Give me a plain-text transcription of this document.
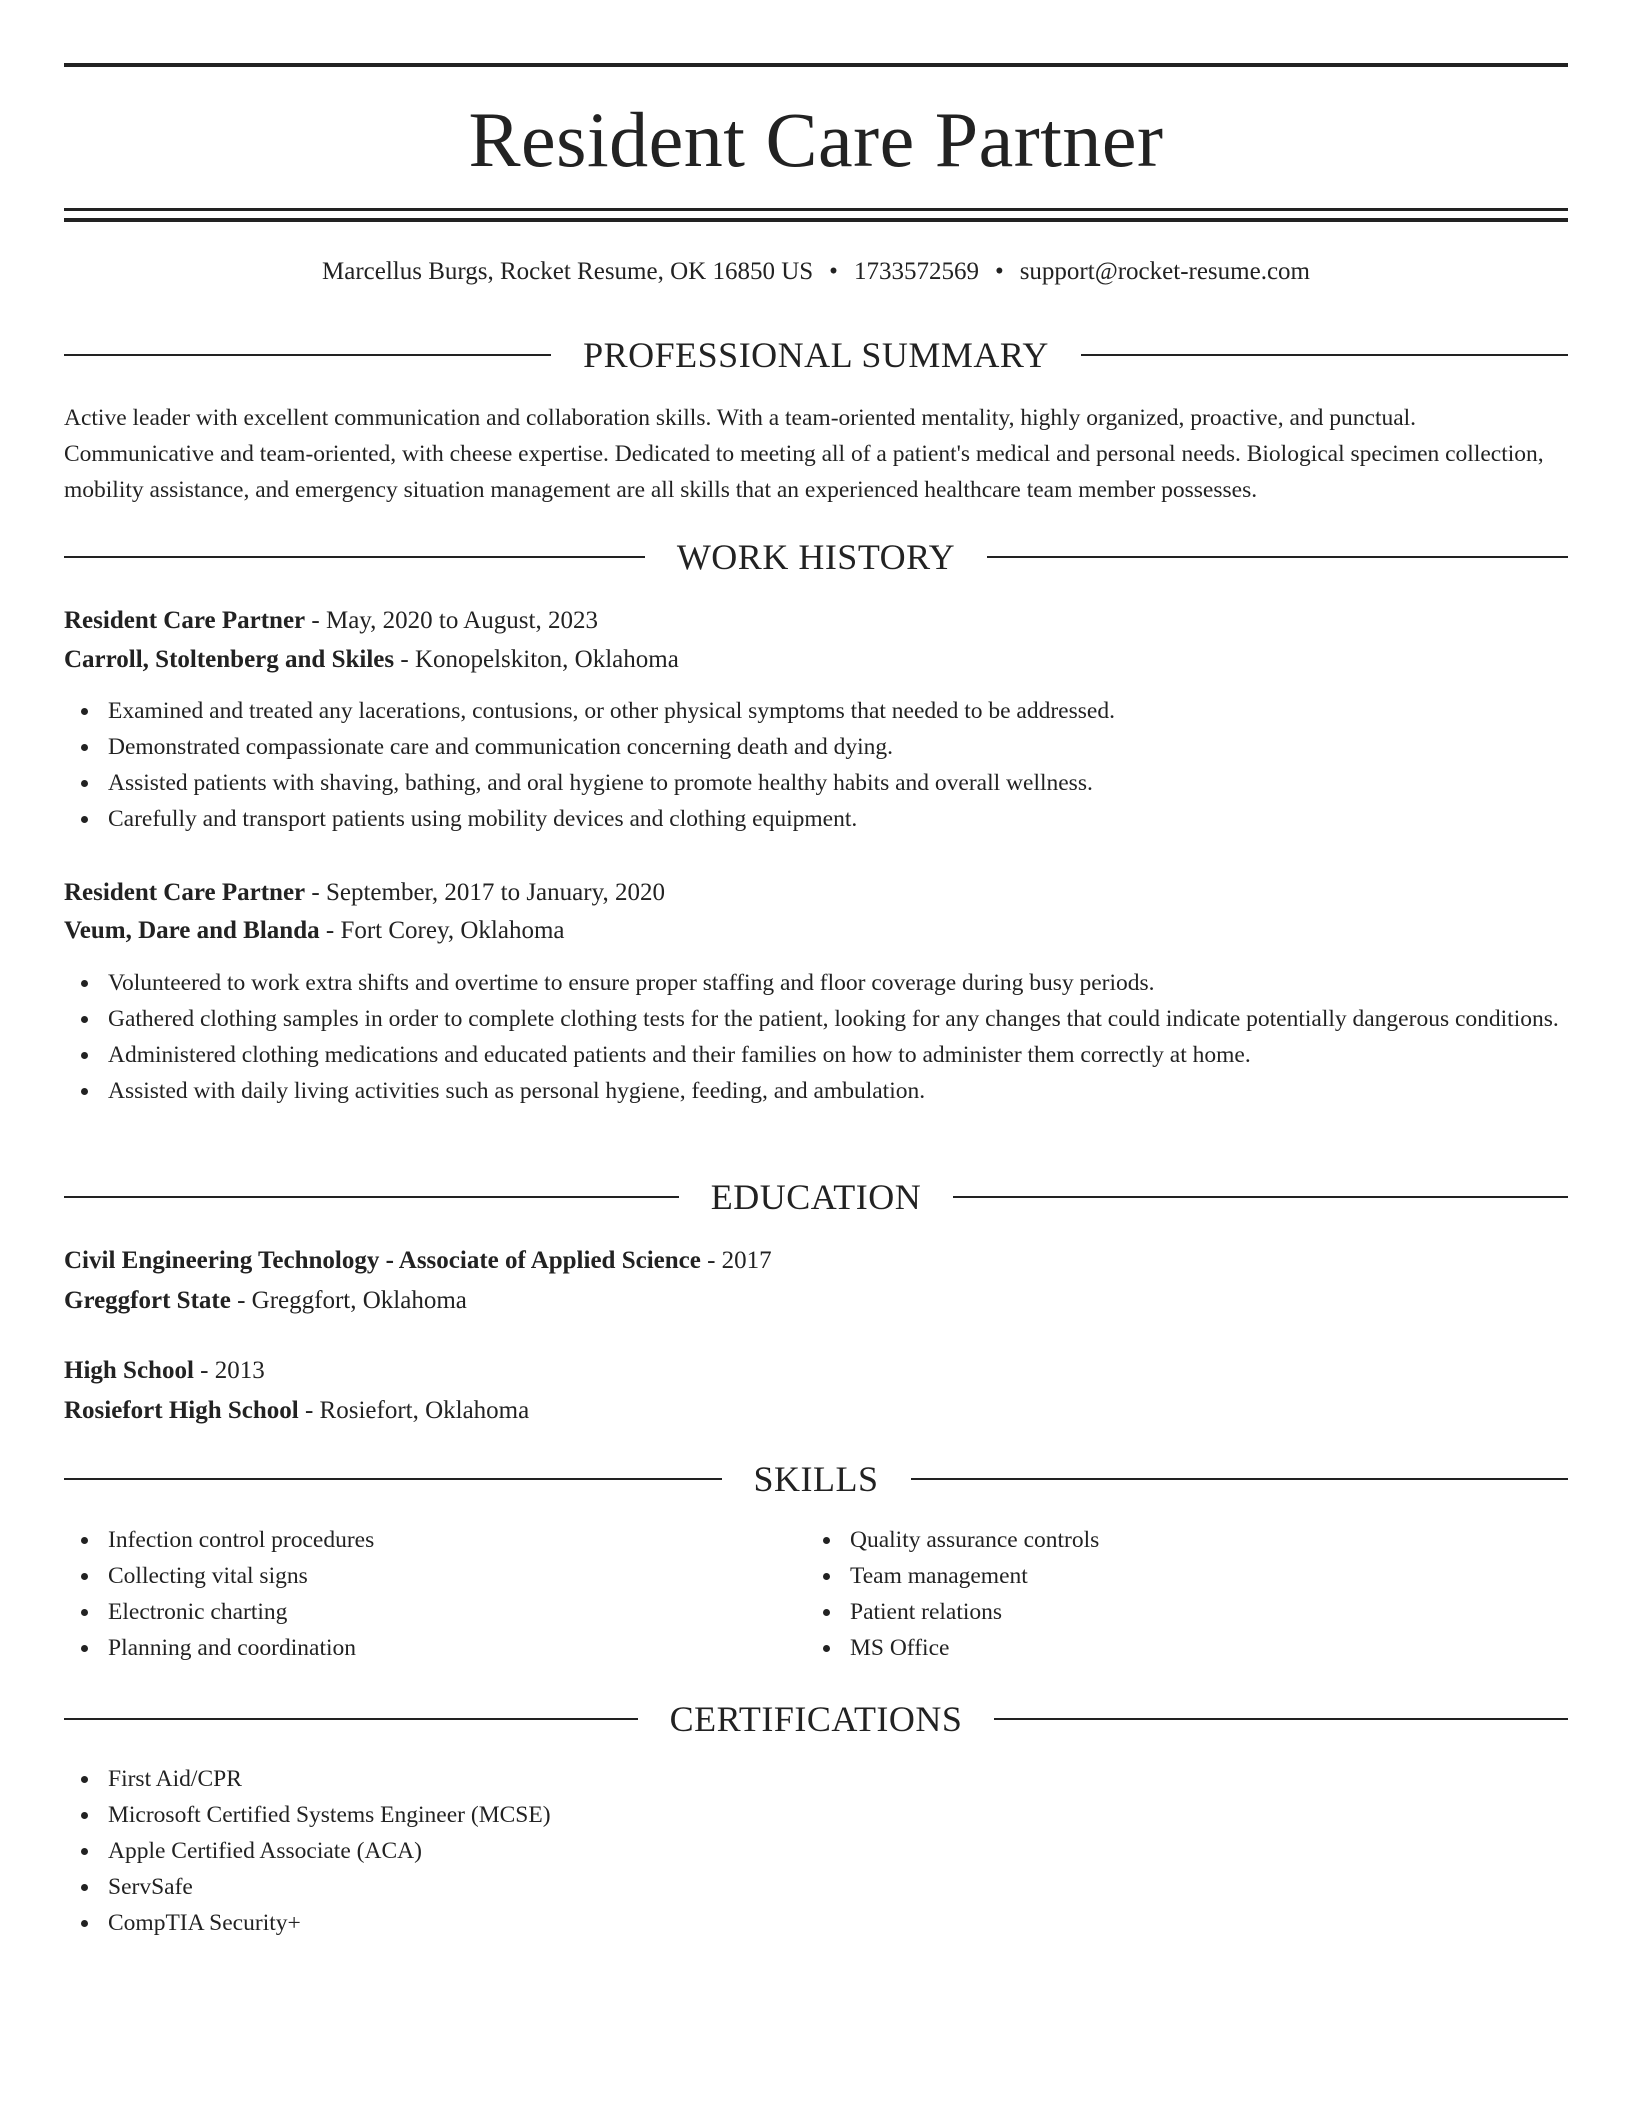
Resident Care Partner
Marcellus Burgs, Rocket Resume, OK 16850 US • 1733572569 • support@rocket-resume.com
PROFESSIONAL SUMMARY
Active leader with excellent communication and collaboration skills. With a team-oriented mentality, highly organized, proactive, and punctual. Communicative and team-oriented, with cheese expertise. Dedicated to meeting all of a patient's medical and personal needs. Biological specimen collection, mobility assistance, and emergency situation management are all skills that an experienced healthcare team member possesses.
WORK HISTORY
Resident Care Partner - May, 2020 to August, 2023
Carroll, Stoltenberg and Skiles - Konopelskiton, Oklahoma
Examined and treated any lacerations, contusions, or other physical symptoms that needed to be addressed.
Demonstrated compassionate care and communication concerning death and dying.
Assisted patients with shaving, bathing, and oral hygiene to promote healthy habits and overall wellness.
Carefully and transport patients using mobility devices and clothing equipment.
Resident Care Partner - September, 2017 to January, 2020
Veum, Dare and Blanda - Fort Corey, Oklahoma
Volunteered to work extra shifts and overtime to ensure proper staffing and floor coverage during busy periods.
Gathered clothing samples in order to complete clothing tests for the patient, looking for any changes that could indicate potentially dangerous conditions.
Administered clothing medications and educated patients and their families on how to administer them correctly at home.
Assisted with daily living activities such as personal hygiene, feeding, and ambulation.
EDUCATION
Civil Engineering Technology - Associate of Applied Science - 2017
Greggfort State - Greggfort, Oklahoma
High School - 2013
Rosiefort High School - Rosiefort, Oklahoma
SKILLS
Infection control procedures
Collecting vital signs
Electronic charting
Planning and coordination
Quality assurance controls
Team management
Patient relations
MS Office
CERTIFICATIONS
First Aid/CPR
Microsoft Certified Systems Engineer (MCSE)
Apple Certified Associate (ACA)
ServSafe
CompTIA Security+
